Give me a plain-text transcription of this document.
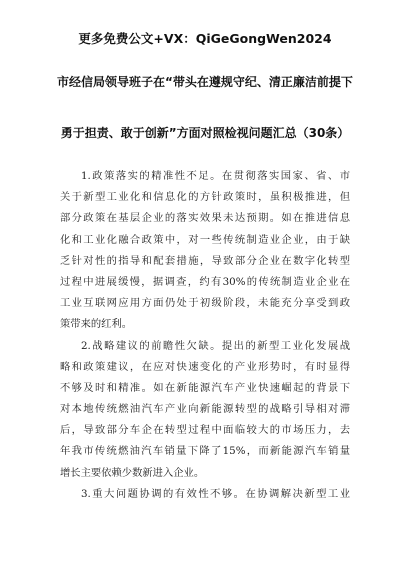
更多免费公文+VX：QiGeGongWen2024
市经信局领导班子在“带头在遵规守纪、清正廉洁前提下
勇于担责、敢于创新”方面对照检视问题汇总（30条）
1.政策落实的精准性不足。在贯彻落实国家、省、市
关于新型工业化和信息化的方针政策时，虽积极推进，但
部分政策在基层企业的落实效果未达预期。如在推进信息
化和工业化融合政策中，对一些传统制造业企业，由于缺
乏针对性的指导和配套措施，导致部分企业在数字化转型
过程中进展缓慢，据调查，约有30%的传统制造业企业在
工业互联网应用方面仍处于初级阶段，未能充分享受到政
策带来的红利。
2.战略建议的前瞻性欠缺。提出的新型工业化发展战
略和政策建议，在应对快速变化的产业形势时，有时显得
不够及时和精准。如在新能源汽车产业快速崛起的背景下
对本地传统燃油汽车产业向新能源转型的战略引导相对滞
后，导致部分车企在转型过程中面临较大的市场压力，去
年我市传统燃油汽车销量下降了15%，而新能源汽车销量
增长主要依赖少数新进入企业。
3.重大问题协调的有效性不够。在协调解决新型工业
